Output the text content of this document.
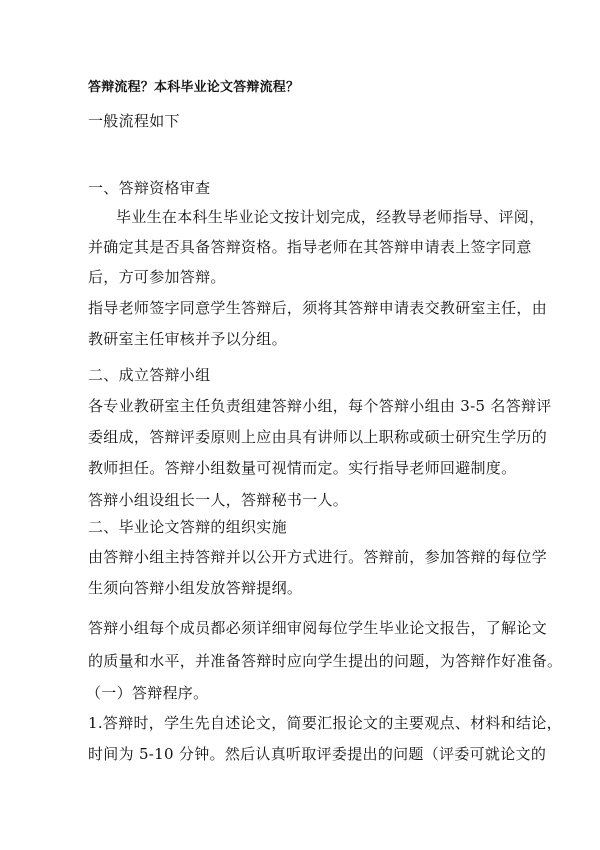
答辩流程？本科毕业论文答辩流程？
一般流程如下
一、答辩资格审查
毕业生在本科生毕业论文按计划完成，经教导老师指导、评阅，
并确定其是否具备答辩资格。指导老师在其答辩申请表上签字同意
后，方可参加答辩。
指导老师签字同意学生答辩后，须将其答辩申请表交教研室主任，由
教研室主任审核并予以分组。
二、成立答辩小组
各专业教研室主任负责组建答辩小组，每个答辩小组由 3-5 名答辩评
委组成，答辩评委原则上应由具有讲师以上职称或硕士研究生学历的
教师担任。答辩小组数量可视情而定。实行指导老师回避制度。
答辩小组设组长一人，答辩秘书一人。
二、毕业论文答辩的组织实施
由答辩小组主持答辩并以公开方式进行。答辩前，参加答辩的每位学
生须向答辩小组发放答辩提纲。
答辩小组每个成员都必须详细审阅每位学生毕业论文报告，了解论文
的质量和水平，并准备答辩时应向学生提出的问题，为答辩作好准备。
（一）答辩程序。
1.答辩时，学生先自述论文，简要汇报论文的主要观点、材料和结论，
时间为 5-10 分钟。然后认真听取评委提出的问题（评委可就论文的
